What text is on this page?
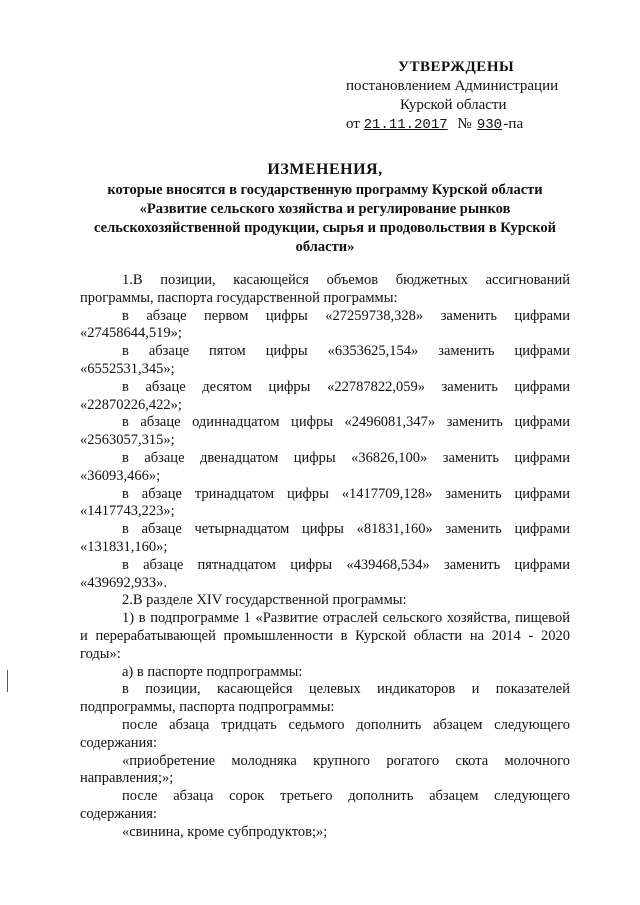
УТВЕРЖДЕНЫ
постановлением Администрации
Курской области
от 21.11.2017 № 930-па
ИЗМЕНЕНИЯ,
которые вносятся в государственную программу Курской области «Развитие сельского хозяйства и регулирование рынков сельскохозяйственной продукции, сырья и продовольствия в Курской области»

1.В позиции, касающейся объемов бюджетных ассигнований программы, паспорта государственной программы:

в абзаце первом цифры «27259738,328» заменить цифрами «27458644,519»;

в абзаце пятом цифры «6353625,154» заменить цифрами «6552531,345»;

в абзаце десятом цифры «22787822,059» заменить цифрами «22870226,422»;

в абзаце одиннадцатом цифры «2496081,347» заменить цифрами «2563057,315»;

в абзаце двенадцатом цифры «36826,100» заменить цифрами «36093,466»;

в абзаце тринадцатом цифры «1417709,128» заменить цифрами «1417743,223»;

в абзаце четырнадцатом цифры «81831,160» заменить цифрами «131831,160»;

в абзаце пятнадцатом цифры «439468,534» заменить цифрами «439692,933».

2.В разделе XIV государственной программы:

1) в подпрограмме 1 «Развитие отраслей сельского хозяйства, пищевой и перерабатывающей промышленности в Курской области на 2014 - 2020 годы»:

а) в паспорте подпрограммы:

в позиции, касающейся целевых индикаторов и показателей подпрограммы, паспорта подпрограммы:

после абзаца тридцать седьмого дополнить абзацем следующего содержания:

«приобретение молодняка крупного рогатого скота молочного направления;»;

после абзаца сорок третьего дополнить абзацем следующего содержания:

«свинина, кроме субпродуктов;»;
